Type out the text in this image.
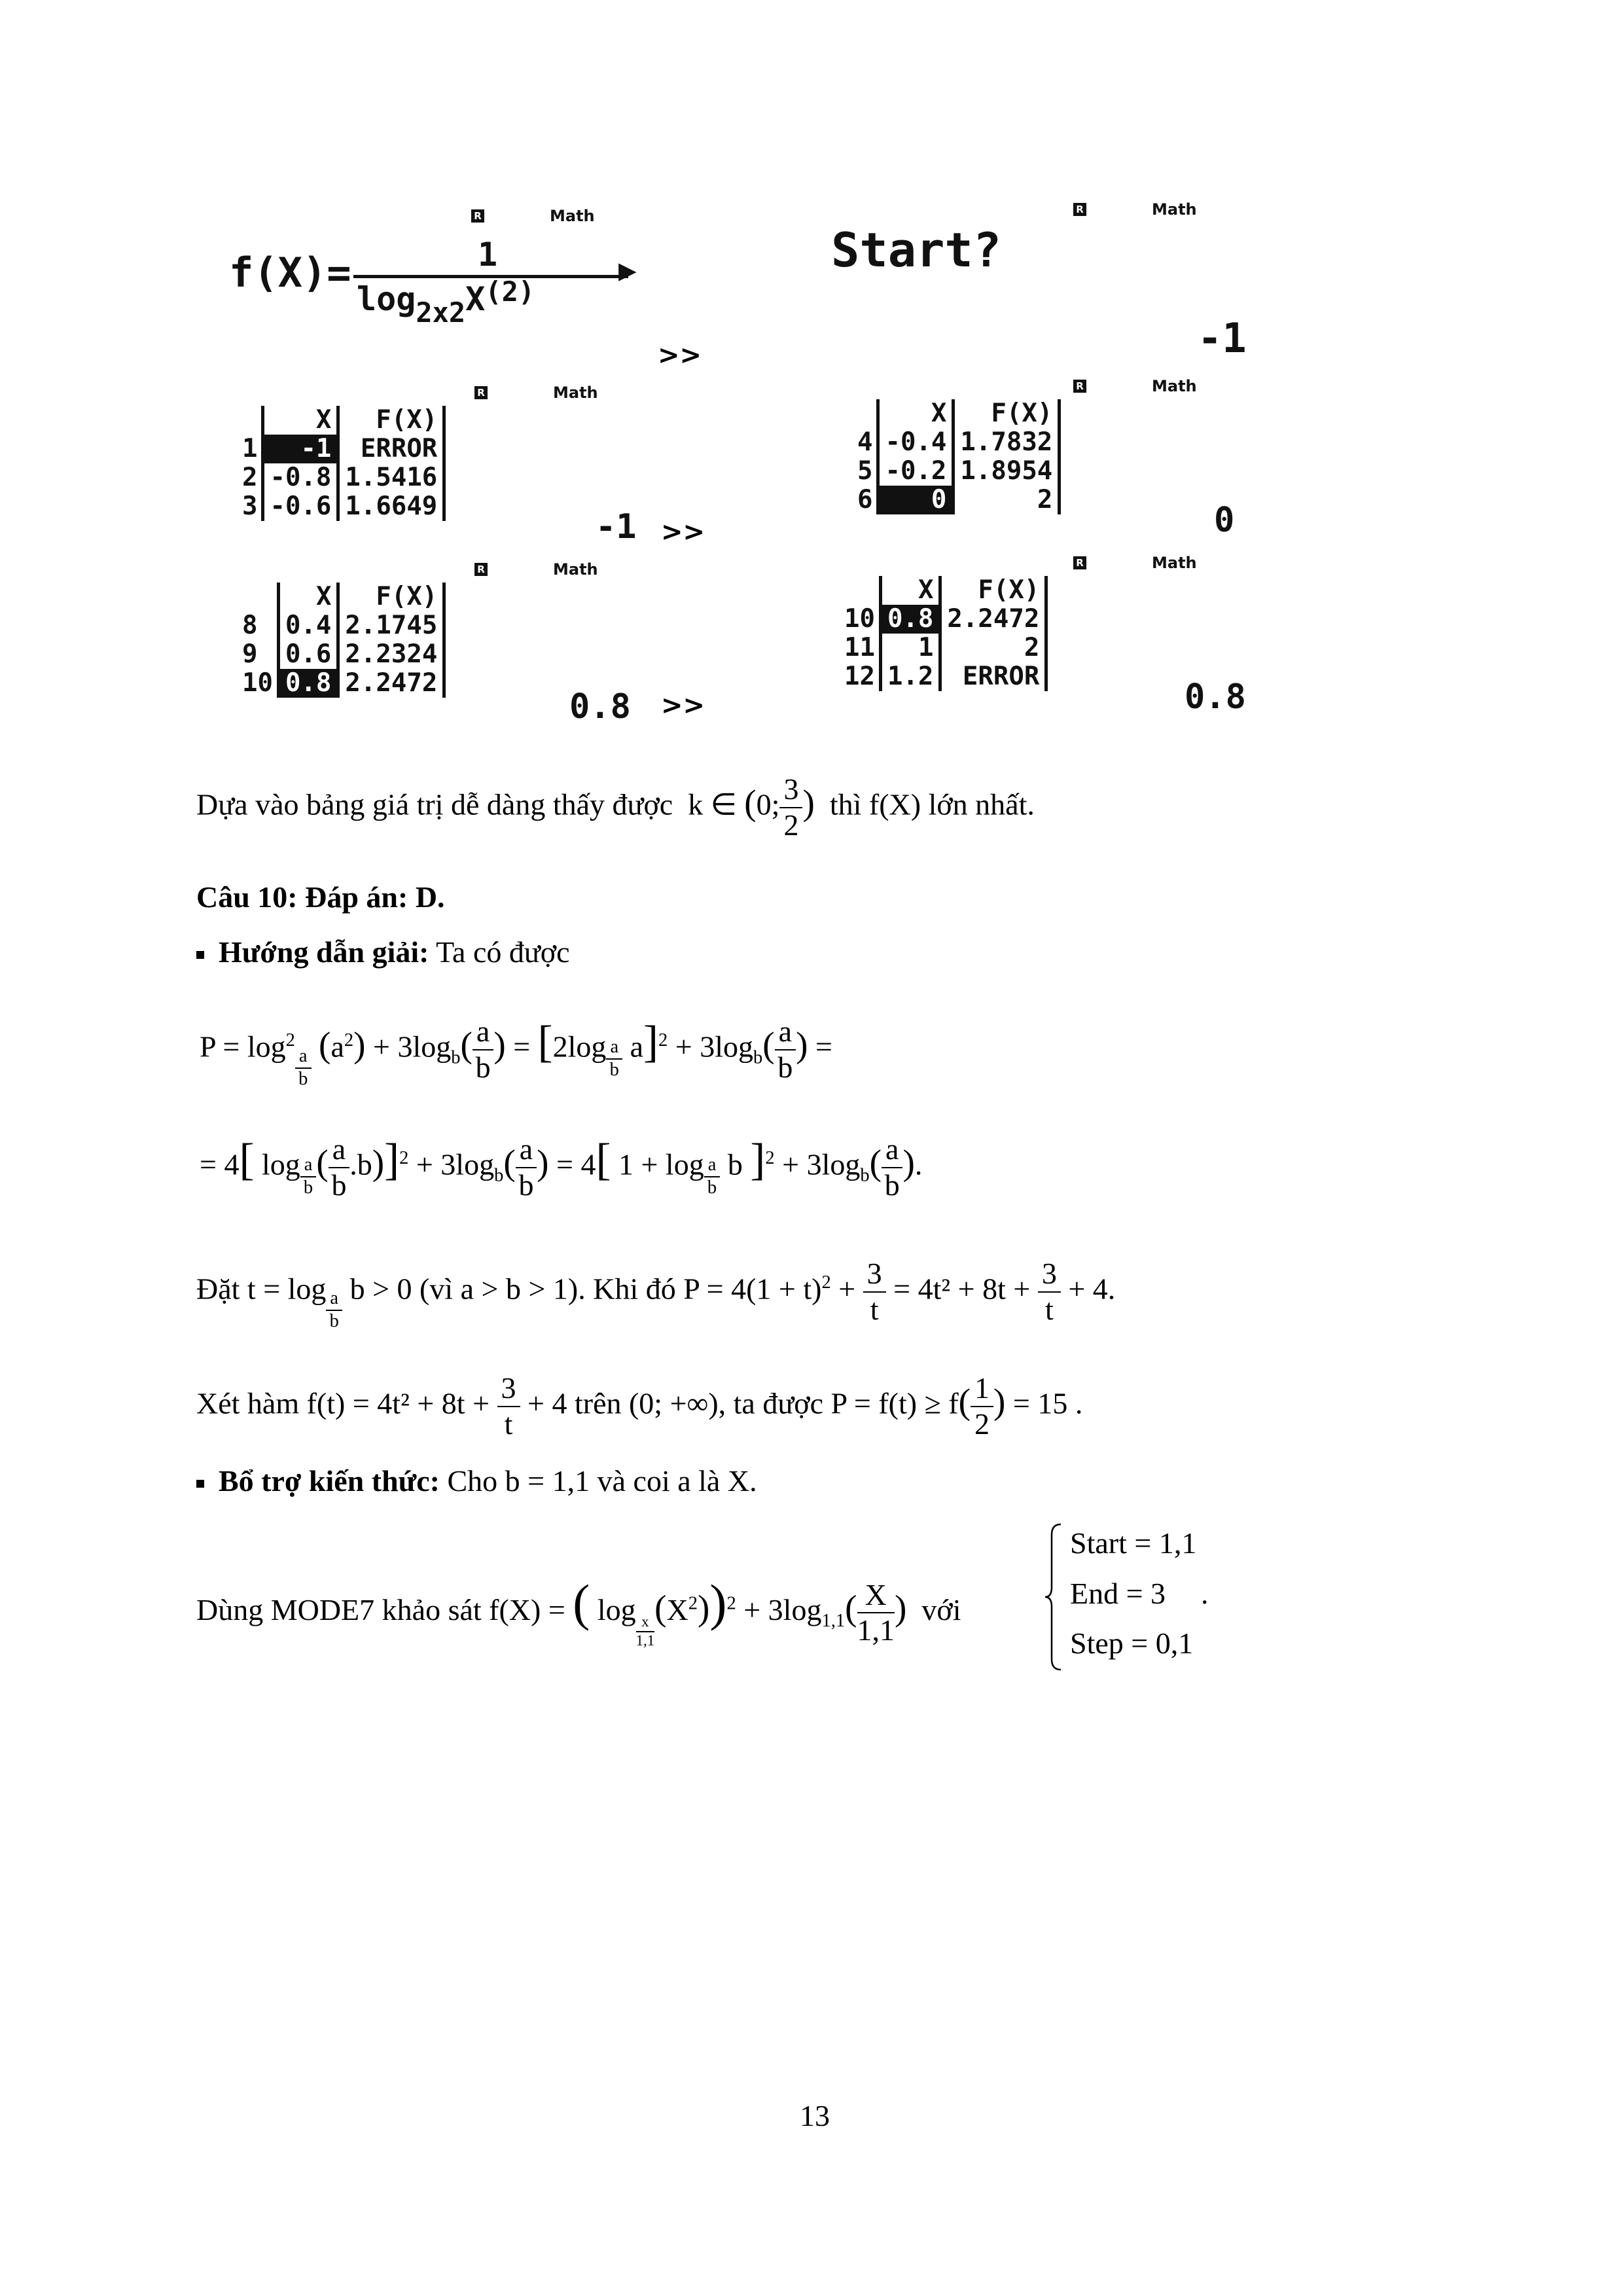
R	Math
f(X)=	1
$\log_{2x2}X^{(2)}$
▶
>>
R	Math
Start?
-1
R	Math
	X	F(X)	
1	-1	ERROR	
2	-0.8	1.5416	
3	-0.6	1.6649	
-1 >>
R	Math
	X	F(X)	
4	-0.4	1.7832	
5	-0.2	1.8954	
6	0	2	
0
R	Math
	X	F(X)	
8	0.4	2.1745	
9	0.6	2.2324	
10	0.8	2.2472	
0.8 >>
R	Math
	X	F(X)	
10	0.8	2.2472	
11	1	2	
12	1.2	ERROR	
0.8
Dựa vào bảng giá trị dễ dàng thấy được k ∈ (0; $\frac{3}{2}$ ) thì f(X) lớn nhất.
Câu 10: Đáp án: D.
Hướng dẫn giải: Ta có được
$P = \log^2$
$_{\frac{a}{b}}$
$(a^2) + 3\log_b( \frac{a}{b}$ ) = [2log $_{\frac{a}{b}}$ $a]^2 + 3\log_b( \frac{a}{b}$ ) =
= 4[ log $_{\frac{a}{b}}$ ( $\frac{a}{b} .b)]^2 + 3\log_b( \frac{a}{b}$ ) = 4[ 1 + log $_{\frac{a}{b}}$ b ]$^2 + 3\log_b( \frac{a}{b}$ ).
Đặt t = log $_{\frac{a}{b}}$ b > 0 (vì a > b > 1). Khi đó $P = 4(1 + t)^2 + \frac{3}{t} = 4t^2 + 8t + \frac{3}{t} + 4$.
Xét hàm $f(t) = 4t^2 + 8t + \frac{3}{t} + 4$ trên (0; +∞), ta được $P = f(t) \ge f( \frac{1}{2}$ ) = 15 .
Bổ trợ kiến thức: Cho b = 1,1 và coi a là X.
Dùng MODE7 khảo sát f(X) = ( log
$_{\frac{x}{1,1}}$
$(X^2))^2 + 3\log_{1,1}( \frac{X}{1,1}$ ) với
Start = 1,1
End = 3
Step = 0,1
.
13
